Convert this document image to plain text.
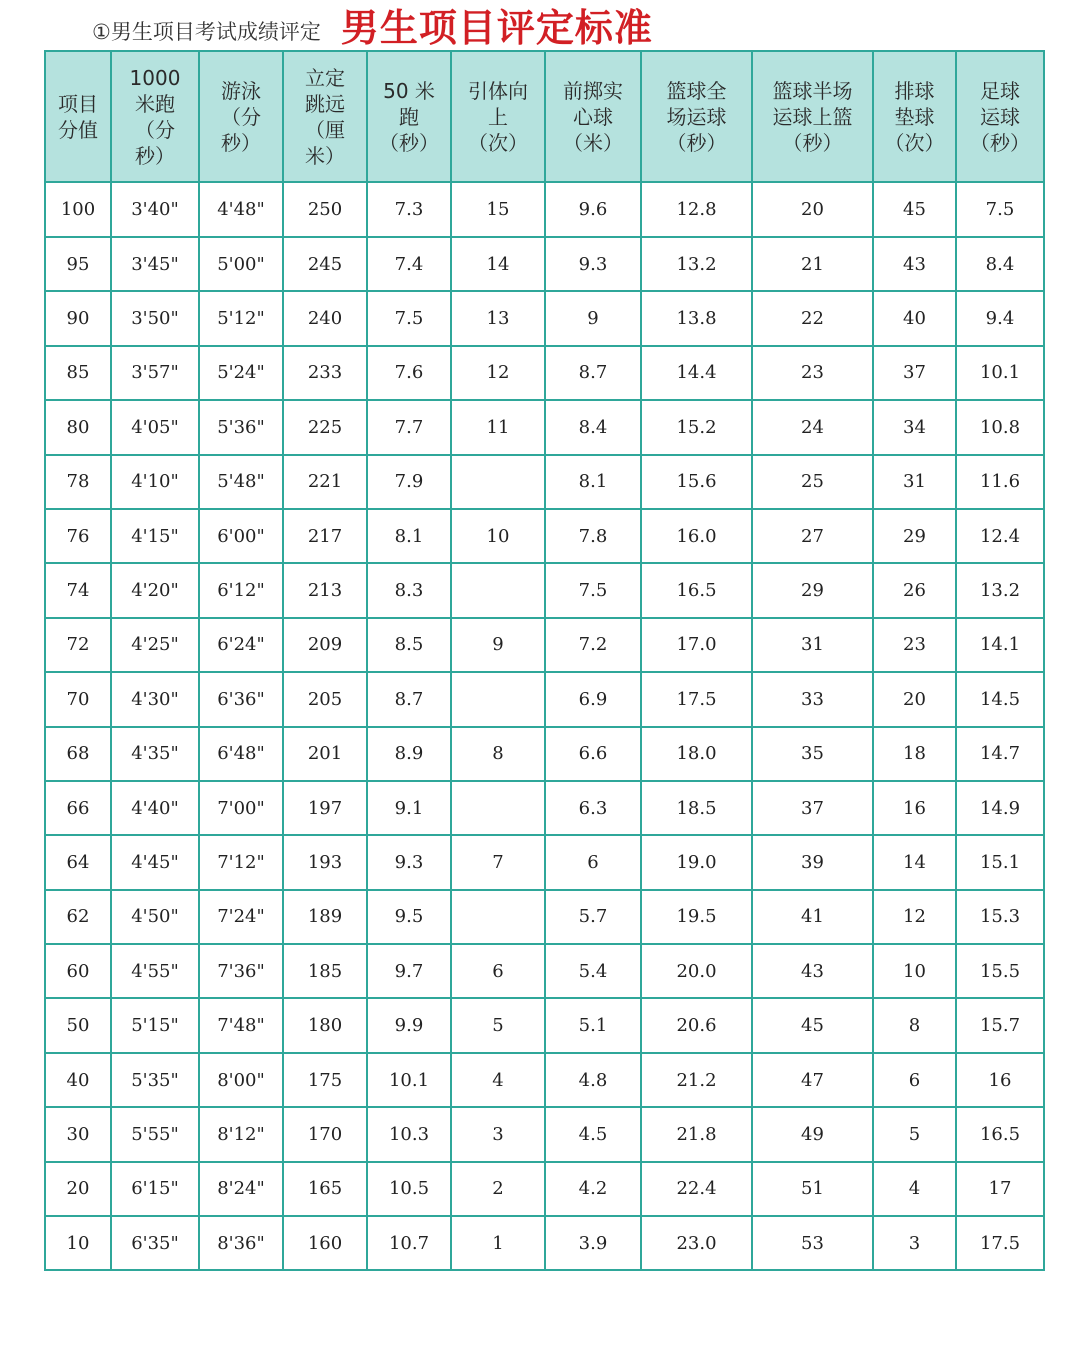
①男生项目考试成绩评定 男生项目评定标准
项目
分值	1000
米跑
（分
秒）	游泳
（分
秒）	立定
跳远
（厘
米）	50 米
跑
（秒）	引体向
上
（次）	前掷实
心球
（米）	篮球全
场运球
（秒）	篮球半场
运球上篮
（秒）	排球
垫球
（次）	足球
运球
（秒）
100	3'40"	4'48"	250	7.3	15	9.6	12.8	20	45	7.5
95	3'45"	5'00"	245	7.4	14	9.3	13.2	21	43	8.4
90	3'50"	5'12"	240	7.5	13	9	13.8	22	40	9.4
85	3'57"	5'24"	233	7.6	12	8.7	14.4	23	37	10.1
80	4'05"	5'36"	225	7.7	11	8.4	15.2	24	34	10.8
78	4'10"	5'48"	221	7.9		8.1	15.6	25	31	11.6
76	4'15"	6'00"	217	8.1	10	7.8	16.0	27	29	12.4
74	4'20"	6'12"	213	8.3		7.5	16.5	29	26	13.2
72	4'25"	6'24"	209	8.5	9	7.2	17.0	31	23	14.1
70	4'30"	6'36"	205	8.7		6.9	17.5	33	20	14.5
68	4'35"	6'48"	201	8.9	8	6.6	18.0	35	18	14.7
66	4'40"	7'00"	197	9.1		6.3	18.5	37	16	14.9
64	4'45"	7'12"	193	9.3	7	6	19.0	39	14	15.1
62	4'50"	7'24"	189	9.5		5.7	19.5	41	12	15.3
60	4'55"	7'36"	185	9.7	6	5.4	20.0	43	10	15.5
50	5'15"	7'48"	180	9.9	5	5.1	20.6	45	8	15.7
40	5'35"	8'00"	175	10.1	4	4.8	21.2	47	6	16
30	5'55"	8'12"	170	10.3	3	4.5	21.8	49	5	16.5
20	6'15"	8'24"	165	10.5	2	4.2	22.4	51	4	17
10	6'35"	8'36"	160	10.7	1	3.9	23.0	53	3	17.5
